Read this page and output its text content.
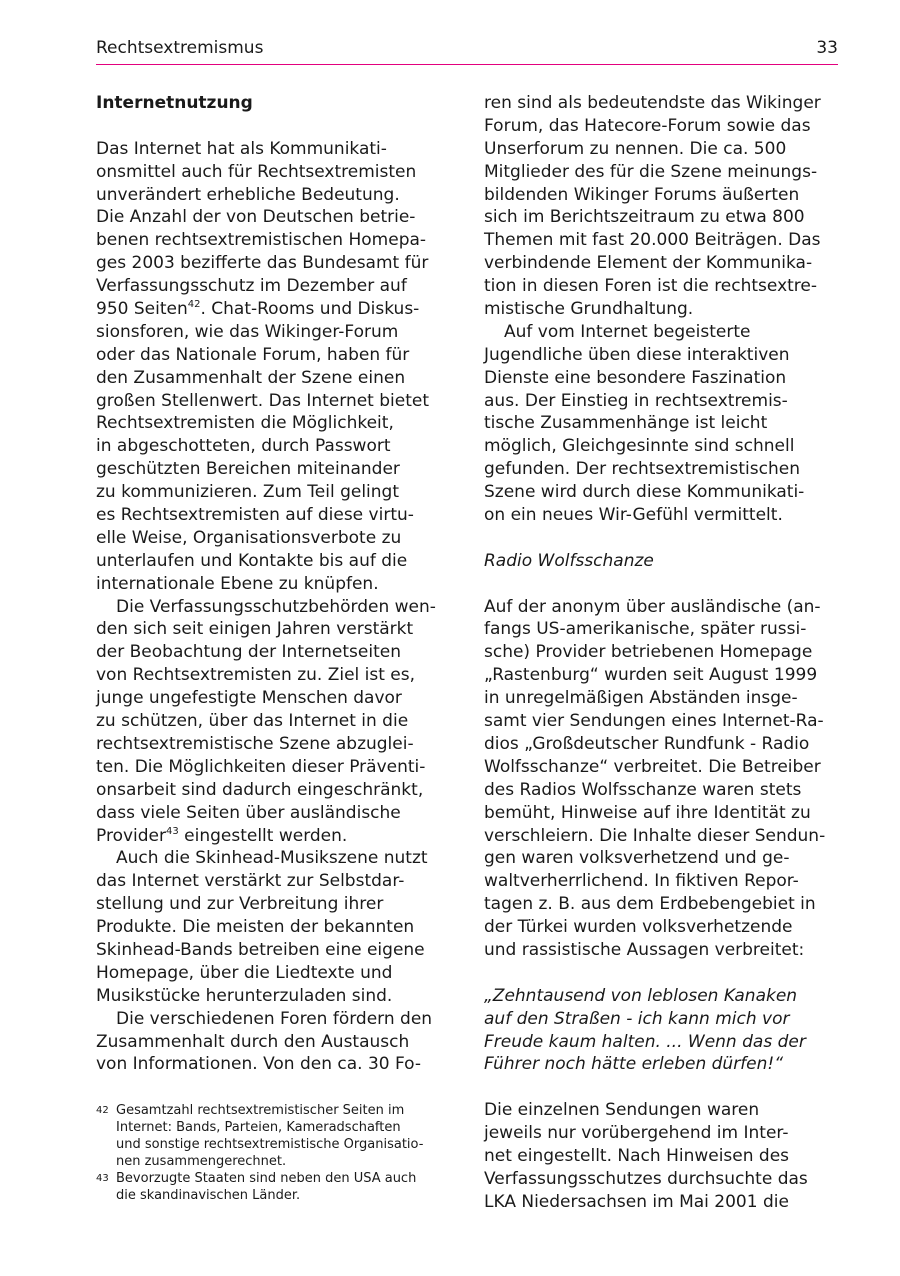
Rechtsextremismus	33
Internetnutzung
Das Internet hat als Kommunikati-
onsmittel auch für Rechtsextremisten
unverändert erhebliche Bedeutung.
Die Anzahl der von Deutschen betrie-
benen rechtsextremistischen Homepa-
ges 2003 bezifferte das Bundesamt für
Verfassungsschutz im Dezember auf
950 Seiten$^{42}$. Chat-Rooms und Diskus-
sionsforen, wie das Wikinger-Forum
oder das Nationale Forum, haben für
den Zusammenhalt der Szene einen
großen Stellenwert. Das Internet bietet
Rechtsextremisten die Möglichkeit,
in abgeschotteten, durch Passwort
geschützten Bereichen miteinander
zu kommunizieren. Zum Teil gelingt
es Rechtsextremisten auf diese virtu-
elle Weise, Organisationsverbote zu
unterlaufen und Kontakte bis auf die
internationale Ebene zu knüpfen.
Die Verfassungsschutzbehörden wen-
den sich seit einigen Jahren verstärkt
der Beobachtung der Internetseiten
von Rechtsextremisten zu. Ziel ist es,
junge ungefestigte Menschen davor
zu schützen, über das Internet in die
rechtsextremistische Szene abzuglei-
ten. Die Möglichkeiten dieser Präventi-
onsarbeit sind dadurch eingeschränkt,
dass viele Seiten über ausländische
Provider$^{43}$ eingestellt werden.
Auch die Skinhead-Musikszene nutzt
das Internet verstärkt zur Selbstdar-
stellung und zur Verbreitung ihrer
Produkte. Die meisten der bekannten
Skinhead-Bands betreiben eine eigene
Homepage, über die Liedtexte und
Musikstücke herunterzuladen sind.
Die verschiedenen Foren fördern den
Zusammenhalt durch den Austausch
von Informationen. Von den ca. 30 Fo-
ren sind als bedeutendste das Wikinger
Forum, das Hatecore-Forum sowie das
Unserforum zu nennen. Die ca. 500
Mitglieder des für die Szene meinungs-
bildenden Wikinger Forums äußerten
sich im Berichtszeitraum zu etwa 800
Themen mit fast 20.000 Beiträgen. Das
verbindende Element der Kommunika-
tion in diesen Foren ist die rechtsextre-
mistische Grundhaltung.
Auf vom Internet begeisterte
Jugendliche üben diese interaktiven
Dienste eine besondere Faszination
aus. Der Einstieg in rechtsextremis-
tische Zusammenhänge ist leicht
möglich, Gleichgesinnte sind schnell
gefunden. Der rechtsextremistischen
Szene wird durch diese Kommunikati-
on ein neues Wir-Gefühl vermittelt.
Radio Wolfsschanze
Auf der anonym über ausländische (an-
fangs US-amerikanische, später russi-
sche) Provider betriebenen Homepage
„Rastenburg“ wurden seit August 1999
in unregelmäßigen Abständen insge-
samt vier Sendungen eines Internet-Ra-
dios „Großdeutscher Rundfunk - Radio
Wolfsschanze“ verbreitet. Die Betreiber
des Radios Wolfsschanze waren stets
bemüht, Hinweise auf ihre Identität zu
verschleiern. Die Inhalte dieser Sendun-
gen waren volksverhetzend und ge-
waltverherrlichend. In fiktiven Repor-
tagen z. B. aus dem Erdbebengebiet in
der Türkei wurden volksverhetzende
und rassistische Aussagen verbreitet:
„Zehntausend von leblosen Kanaken
auf den Straßen - ich kann mich vor
Freude kaum halten. ... Wenn das der
Führer noch hätte erleben dürfen!“
Die einzelnen Sendungen waren
jeweils nur vorübergehend im Inter-
net eingestellt. Nach Hinweisen des
Verfassungsschutzes durchsuchte das
LKA Niedersachsen im Mai 2001 die
42 Gesamtzahl rechtsextremistischer Seiten im
Internet: Bands, Parteien, Kameradschaften
und sonstige rechtsextremistische Organisatio-
nen zusammengerechnet.
43 Bevorzugte Staaten sind neben den USA auch
die skandinavischen Länder.
